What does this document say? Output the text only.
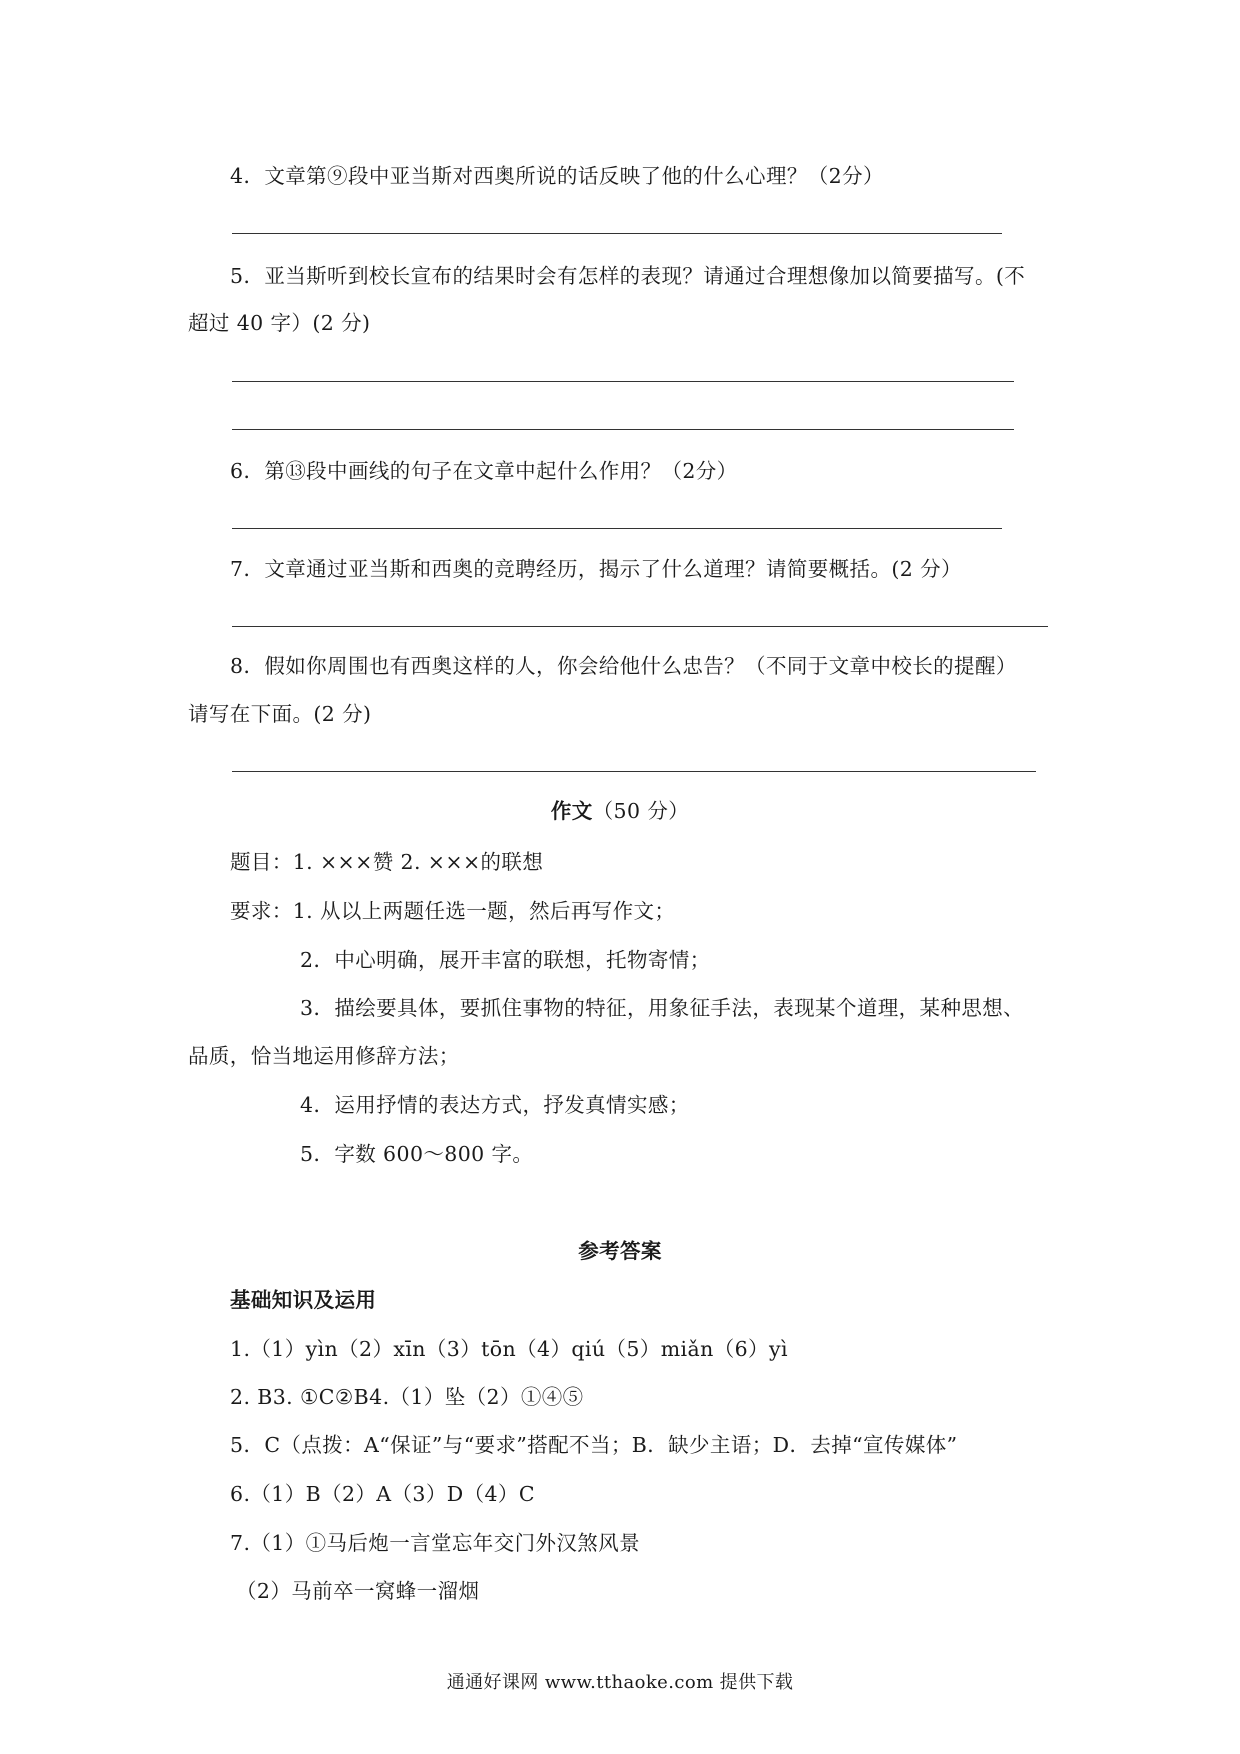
4．文章第⑨段中亚当斯对西奥所说的话反映了他的什么心理？（2分）
5．亚当斯听到校长宣布的结果时会有怎样的表现？请通过合理想像加以简要描写。(不
超过 40 字）(2 分)
6．第⑬段中画线的句子在文章中起什么作用？（2分）
7．文章通过亚当斯和西奥的竞聘经历，揭示了什么道理？请简要概括。(2 分）
8．假如你周围也有西奥这样的人，你会给他什么忠告？（不同于文章中校长的提醒）
请写在下面。(2 分)
作文（50 分）
题目：1. ×××赞 2. ×××的联想
要求：1. 从以上两题任选一题，然后再写作文；
2．中心明确，展开丰富的联想，托物寄情；
3．描绘要具体，要抓住事物的特征，用象征手法，表现某个道理，某种思想、
品质，恰当地运用修辞方法；
4．运用抒情的表达方式，抒发真情实感；
5．字数 600～800 字。
参考答案
基础知识及运用
1.（1）yìn（2）xīn（3）tōn（4）qiú（5）miǎn（6）yì
2. B3. ①C②B4.（1）坠（2）①④⑤
5．C（点拨：A“保证”与“要求”搭配不当；B．缺少主语；D．去掉“宣传媒体”
6.（1）B（2）A（3）D（4）C
7.（1）①马后炮一言堂忘年交门外汉煞风景
（2）马前卒一窝蜂一溜烟
通通好课网 www.tthaoke.com 提供下载
